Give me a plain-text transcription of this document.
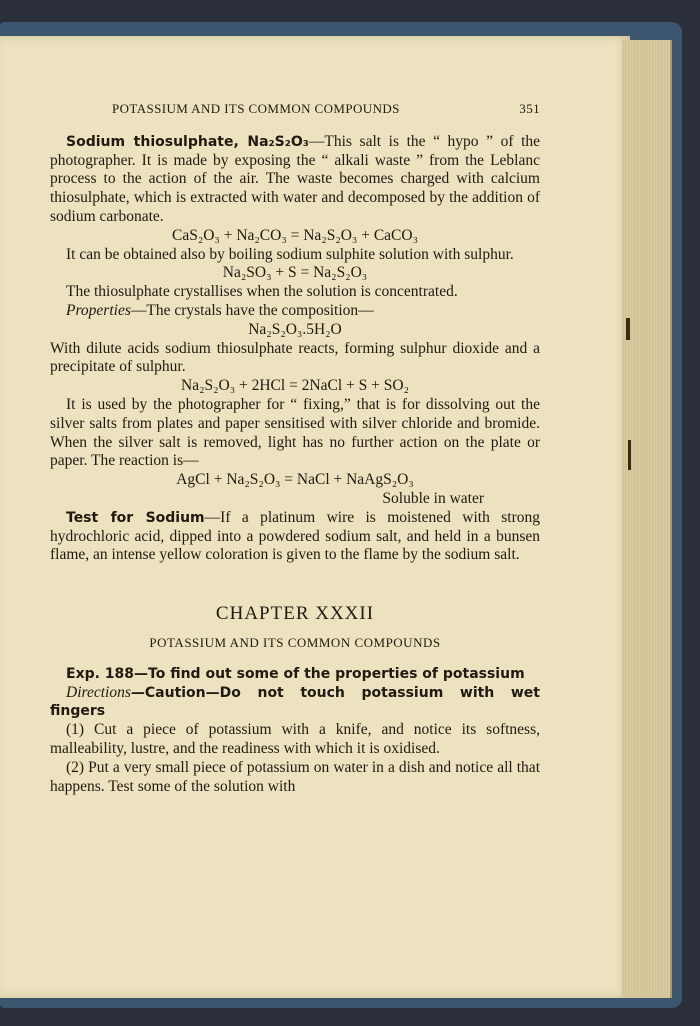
POTASSIUM AND ITS COMMON COMPOUNDS	351

Sodium thiosulphate, Na₂S₂O₃—This salt is the “ hypo ” of the photographer. It is made by exposing the “ alkali waste ” from the Leblanc process to the action of the air. The waste becomes charged with calcium thiosulphate, which is extracted with water and decomposed by the addition of sodium carbonate.

CaS₂O₃ + Na₂CO₃ = Na₂S₂O₃ + CaCO₃

It can be obtained also by boiling sodium sulphite solution with sulphur.

Na₂SO₃ + S = Na₂S₂O₃

The thiosulphate crystallises when the solution is concentrated.

Properties—The crystals have the composition—

Na₂S₂O₃.5H₂O

With dilute acids sodium thiosulphate reacts, forming sulphur dioxide and a precipitate of sulphur.

Na₂S₂O₃ + 2HCl = 2NaCl + S + SO₂

It is used by the photographer for “ fixing,” that is for dissolving out the silver salts from plates and paper sensitised with silver chloride and bromide. When the silver salt is removed, light has no further action on the plate or paper. The reaction is—

AgCl + Na₂S₂O₃ = NaCl + NaAgS₂O₃

Soluble in water

Test for Sodium—If a platinum wire is moistened with strong hydrochloric acid, dipped into a powdered sodium salt, and held in a bunsen flame, an intense yellow coloration is given to the flame by the sodium salt.

CHAPTER XXXII
POTASSIUM AND ITS COMMON COMPOUNDS

Exp. 188—To find out some of the properties of potassium

Directions—Caution—Do not touch potassium with wet fingers

(1) Cut a piece of potassium with a knife, and notice its softness, malleability, lustre, and the readiness with which it is oxidised.

(2) Put a very small piece of potassium on water in a dish and notice all that happens. Test some of the solution with
